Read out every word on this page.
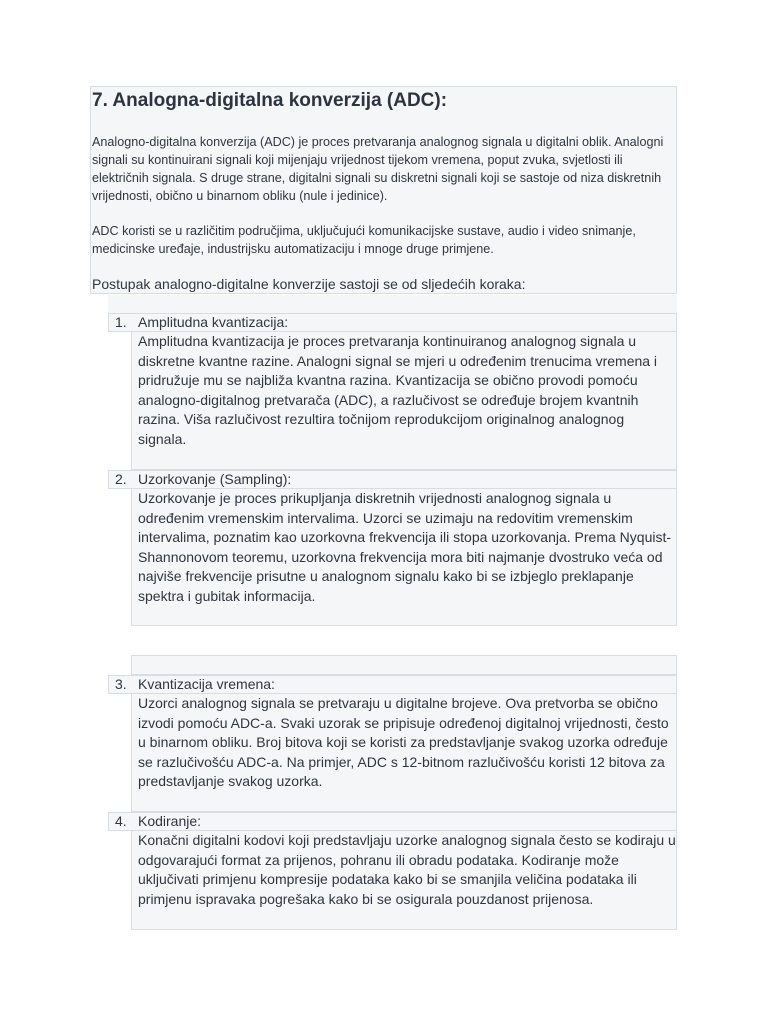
7. Analogna-digitalna konverzija (ADC):

Analogno-digitalna konverzija (ADC) je proces pretvaranja analognog signala u digitalni oblik. Analogni signali su kontinuirani signali koji mijenjaju vrijednost tijekom vremena, poput zvuka, svjetlosti ili električnih signala. S druge strane, digitalni signali su diskretni signali koji se sastoje od niza diskretnih vrijednosti, obično u binarnom obliku (nule i jedinice).

ADC koristi se u različitim područjima, uključujući komunikacijske sustave, audio i video snimanje, medicinske uređaje, industrijsku automatizaciju i mnoge druge primjene.

Postupak analogno-digitalne konverzije sastoji se od sljedećih koraka:

1. Amplitudna kvantizacija:

Amplitudna kvantizacija je proces pretvaranja kontinuiranog analognog signala u diskretne kvantne razine. Analogni signal se mjeri u određenim trenucima vremena i pridružuje mu se najbliža kvantna razina. Kvantizacija se obično provodi pomoću analogno-digitalnog pretvarača (ADC), a razlučivost se određuje brojem kvantnih razina. Viša razlučivost rezultira točnijom reprodukcijom originalnog analognog signala.

2. Uzorkovanje (Sampling):

Uzorkovanje je proces prikupljanja diskretnih vrijednosti analognog signala u određenim vremenskim intervalima. Uzorci se uzimaju na redovitim vremenskim intervalima, poznatim kao uzorkovna frekvencija ili stopa uzorkovanja. Prema Nyquist-Shannonovom teoremu, uzorkovna frekvencija mora biti najmanje dvostruko veća od najviše frekvencije prisutne u analognom signalu kako bi se izbjeglo preklapanje spektra i gubitak informacija.

3. Kvantizacija vremena:

Uzorci analognog signala se pretvaraju u digitalne brojeve. Ova pretvorba se obično izvodi pomoću ADC-a. Svaki uzorak se pripisuje određenoj digitalnoj vrijednosti, često u binarnom obliku. Broj bitova koji se koristi za predstavljanje svakog uzorka određuje se razlučivošću ADC-a. Na primjer, ADC s 12-bitnom razlučivošću koristi 12 bitova za predstavljanje svakog uzorka.

4. Kodiranje:

Konačni digitalni kodovi koji predstavljaju uzorke analognog signala često se kodiraju u odgovarajući format za prijenos, pohranu ili obradu podataka. Kodiranje može uključivati primjenu kompresije podataka kako bi se smanjila veličina podataka ili primjenu ispravaka pogrešaka kako bi se osigurala pouzdanost prijenosa.
